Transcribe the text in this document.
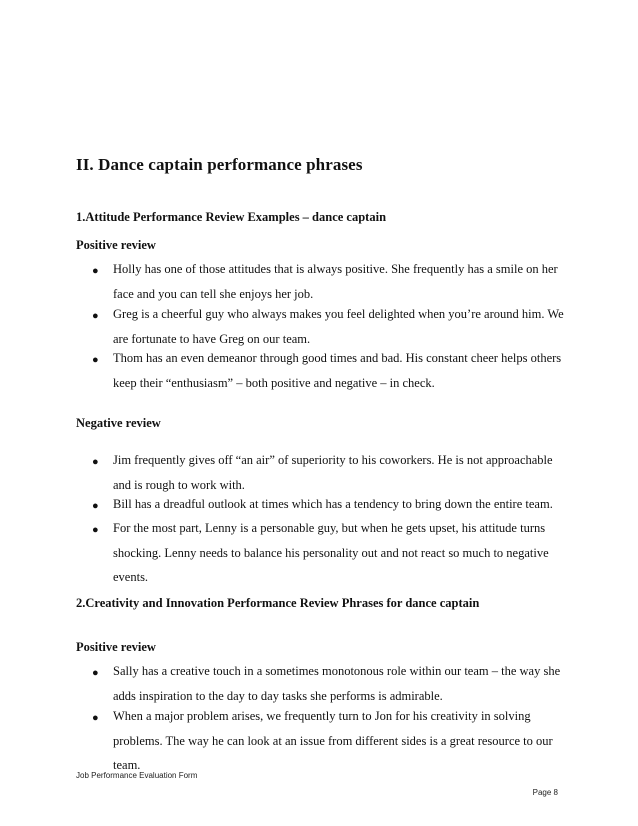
II. Dance captain performance phrases
1.Attitude Performance Review Examples – dance captain
Positive review
● Holly has one of those attitudes that is always positive. She frequently has a smile on her face and you can tell she enjoys her job.
● Greg is a cheerful guy who always makes you feel delighted when you’re around him. We are fortunate to have Greg on our team.
● Thom has an even demeanor through good times and bad. His constant cheer helps others keep their “enthusiasm” – both positive and negative – in check.
Negative review
● Jim frequently gives off “an air” of superiority to his coworkers. He is not approachable and is rough to work with.
● Bill has a dreadful outlook at times which has a tendency to bring down the entire team.
● For the most part, Lenny is a personable guy, but when he gets upset, his attitude turns shocking. Lenny needs to balance his personality out and not react so much to negative events.
2.Creativity and Innovation Performance Review Phrases for dance captain
Positive review
● Sally has a creative touch in a sometimes monotonous role within our team – the way she adds inspiration to the day to day tasks she performs is admirable.
● When a major problem arises, we frequently turn to Jon for his creativity in solving problems. The way he can look at an issue from different sides is a great resource to our team.
Job Performance Evaluation Form
Page 8
